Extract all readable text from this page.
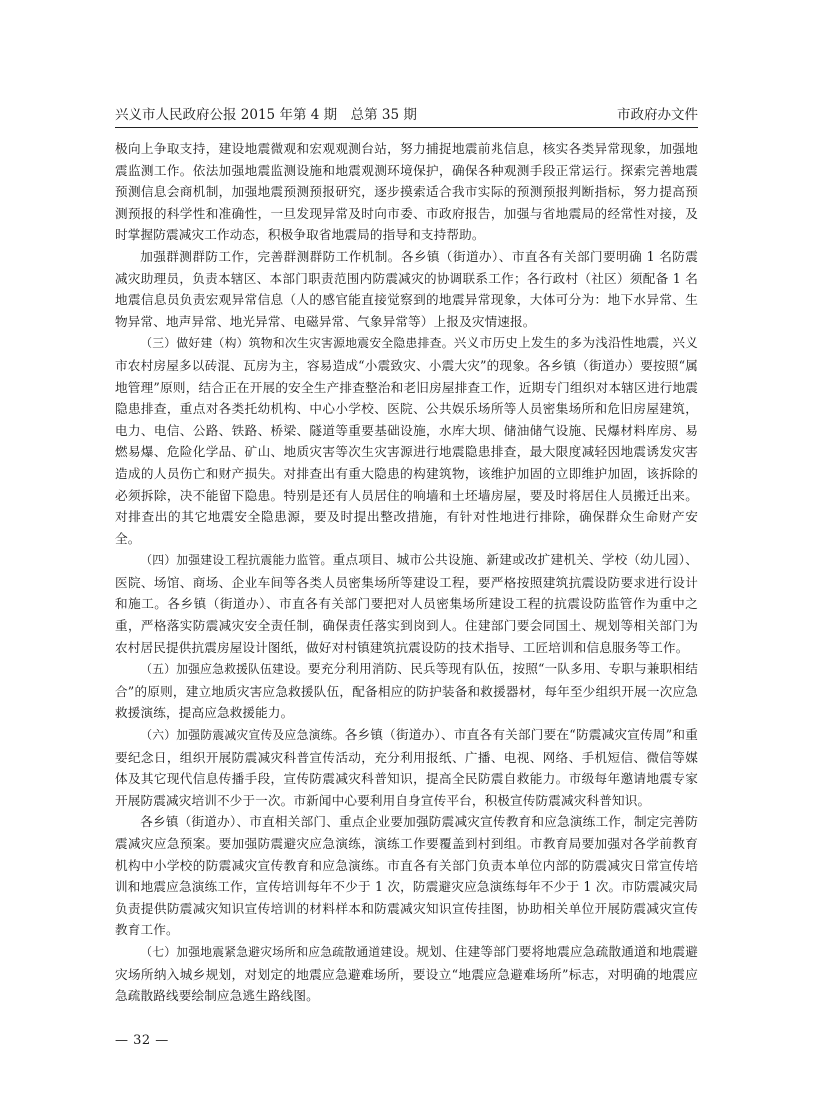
兴义市人民政府公报 2015 年第 4 期　总第 35 期	市政府办文件

极向上争取支持，建设地震微观和宏观观测台站，努力捕捉地震前兆信息，核实各类异常现象，加强地震监测工作。依法加强地震监测设施和地震观测环境保护，确保各种观测手段正常运行。探索完善地震预测信息会商机制，加强地震预测预报研究，逐步摸索适合我市实际的预测预报判断指标，努力提高预测预报的科学性和准确性，一旦发现异常及时向市委、市政府报告，加强与省地震局的经常性对接，及时掌握防震减灾工作动态，积极争取省地震局的指导和支持帮助。

加强群测群防工作，完善群测群防工作机制。各乡镇（街道办）、市直各有关部门要明确 1 名防震减灾助理员，负责本辖区、本部门职责范围内防震减灾的协调联系工作；各行政村（社区）须配备 1 名地震信息员负责宏观异常信息（人的感官能直接觉察到的地震异常现象，大体可分为：地下水异常、生物异常、地声异常、地光异常、电磁异常、气象异常等）上报及灾情速报。

（三）做好建（构）筑物和次生灾害源地震安全隐患排查。兴义市历史上发生的多为浅沿性地震，兴义市农村房屋多以砖混、瓦房为主，容易造成“小震致灾、小震大灾”的现象。各乡镇（街道办）要按照“属地管理”原则，结合正在开展的安全生产排查整治和老旧房屋排查工作，近期专门组织对本辖区进行地震隐患排查，重点对各类托幼机构、中心小学校、医院、公共娱乐场所等人员密集场所和危旧房屋建筑，电力、电信、公路、铁路、桥梁、隧道等重要基础设施，水库大坝、储油储气设施、民爆材料库房、易燃易爆、危险化学品、矿山、地质灾害等次生灾害源进行地震隐患排查，最大限度减轻因地震诱发灾害造成的人员伤亡和财产损失。对排查出有重大隐患的构建筑物，该维护加固的立即维护加固，该拆除的必须拆除，决不能留下隐患。特别是还有人员居住的响墙和土坯墙房屋，要及时将居住人员搬迁出来。对排查出的其它地震安全隐患源，要及时提出整改措施，有针对性地进行排除，确保群众生命财产安全。

（四）加强建设工程抗震能力监管。重点项目、城市公共设施、新建或改扩建机关、学校（幼儿园）、医院、场馆、商场、企业车间等各类人员密集场所等建设工程，要严格按照建筑抗震设防要求进行设计和施工。各乡镇（街道办）、市直各有关部门要把对人员密集场所建设工程的抗震设防监管作为重中之重，严格落实防震减灾安全责任制，确保责任落实到岗到人。住建部门要会同国土、规划等相关部门为农村居民提供抗震房屋设计图纸，做好对村镇建筑抗震设防的技术指导、工匠培训和信息服务等工作。

（五）加强应急救援队伍建设。要充分利用消防、民兵等现有队伍，按照“一队多用、专职与兼职相结合”的原则，建立地质灾害应急救援队伍，配备相应的防护装备和救援器材，每年至少组织开展一次应急救援演练，提高应急救援能力。

（六）加强防震减灾宣传及应急演练。各乡镇（街道办）、市直各有关部门要在“防震减灾宣传周”和重要纪念日，组织开展防震减灾科普宣传活动，充分利用报纸、广播、电视、网络、手机短信、微信等媒体及其它现代信息传播手段，宣传防震减灾科普知识，提高全民防震自救能力。市级每年邀请地震专家开展防震减灾培训不少于一次。市新闻中心要利用自身宣传平台，积极宣传防震减灾科普知识。

各乡镇（街道办）、市直相关部门、重点企业要加强防震减灾宣传教育和应急演练工作，制定完善防震减灾应急预案。要加强防震避灾应急演练，演练工作要覆盖到村到组。市教育局要加强对各学前教育机构中小学校的防震减灾宣传教育和应急演练。市直各有关部门负责本单位内部的防震减灾日常宣传培训和地震应急演练工作，宣传培训每年不少于 1 次，防震避灾应急演练每年不少于 1 次。市防震减灾局负责提供防震减灾知识宣传培训的材料样本和防震减灾知识宣传挂图，协助相关单位开展防震减灾宣传教育工作。

（七）加强地震紧急避灾场所和应急疏散通道建设。规划、住建等部门要将地震应急疏散通道和地震避灾场所纳入城乡规划，对划定的地震应急避难场所，要设立“地震应急避难场所”标志，对明确的地震应急疏散路线要绘制应急逃生路线图。

— 32 —
